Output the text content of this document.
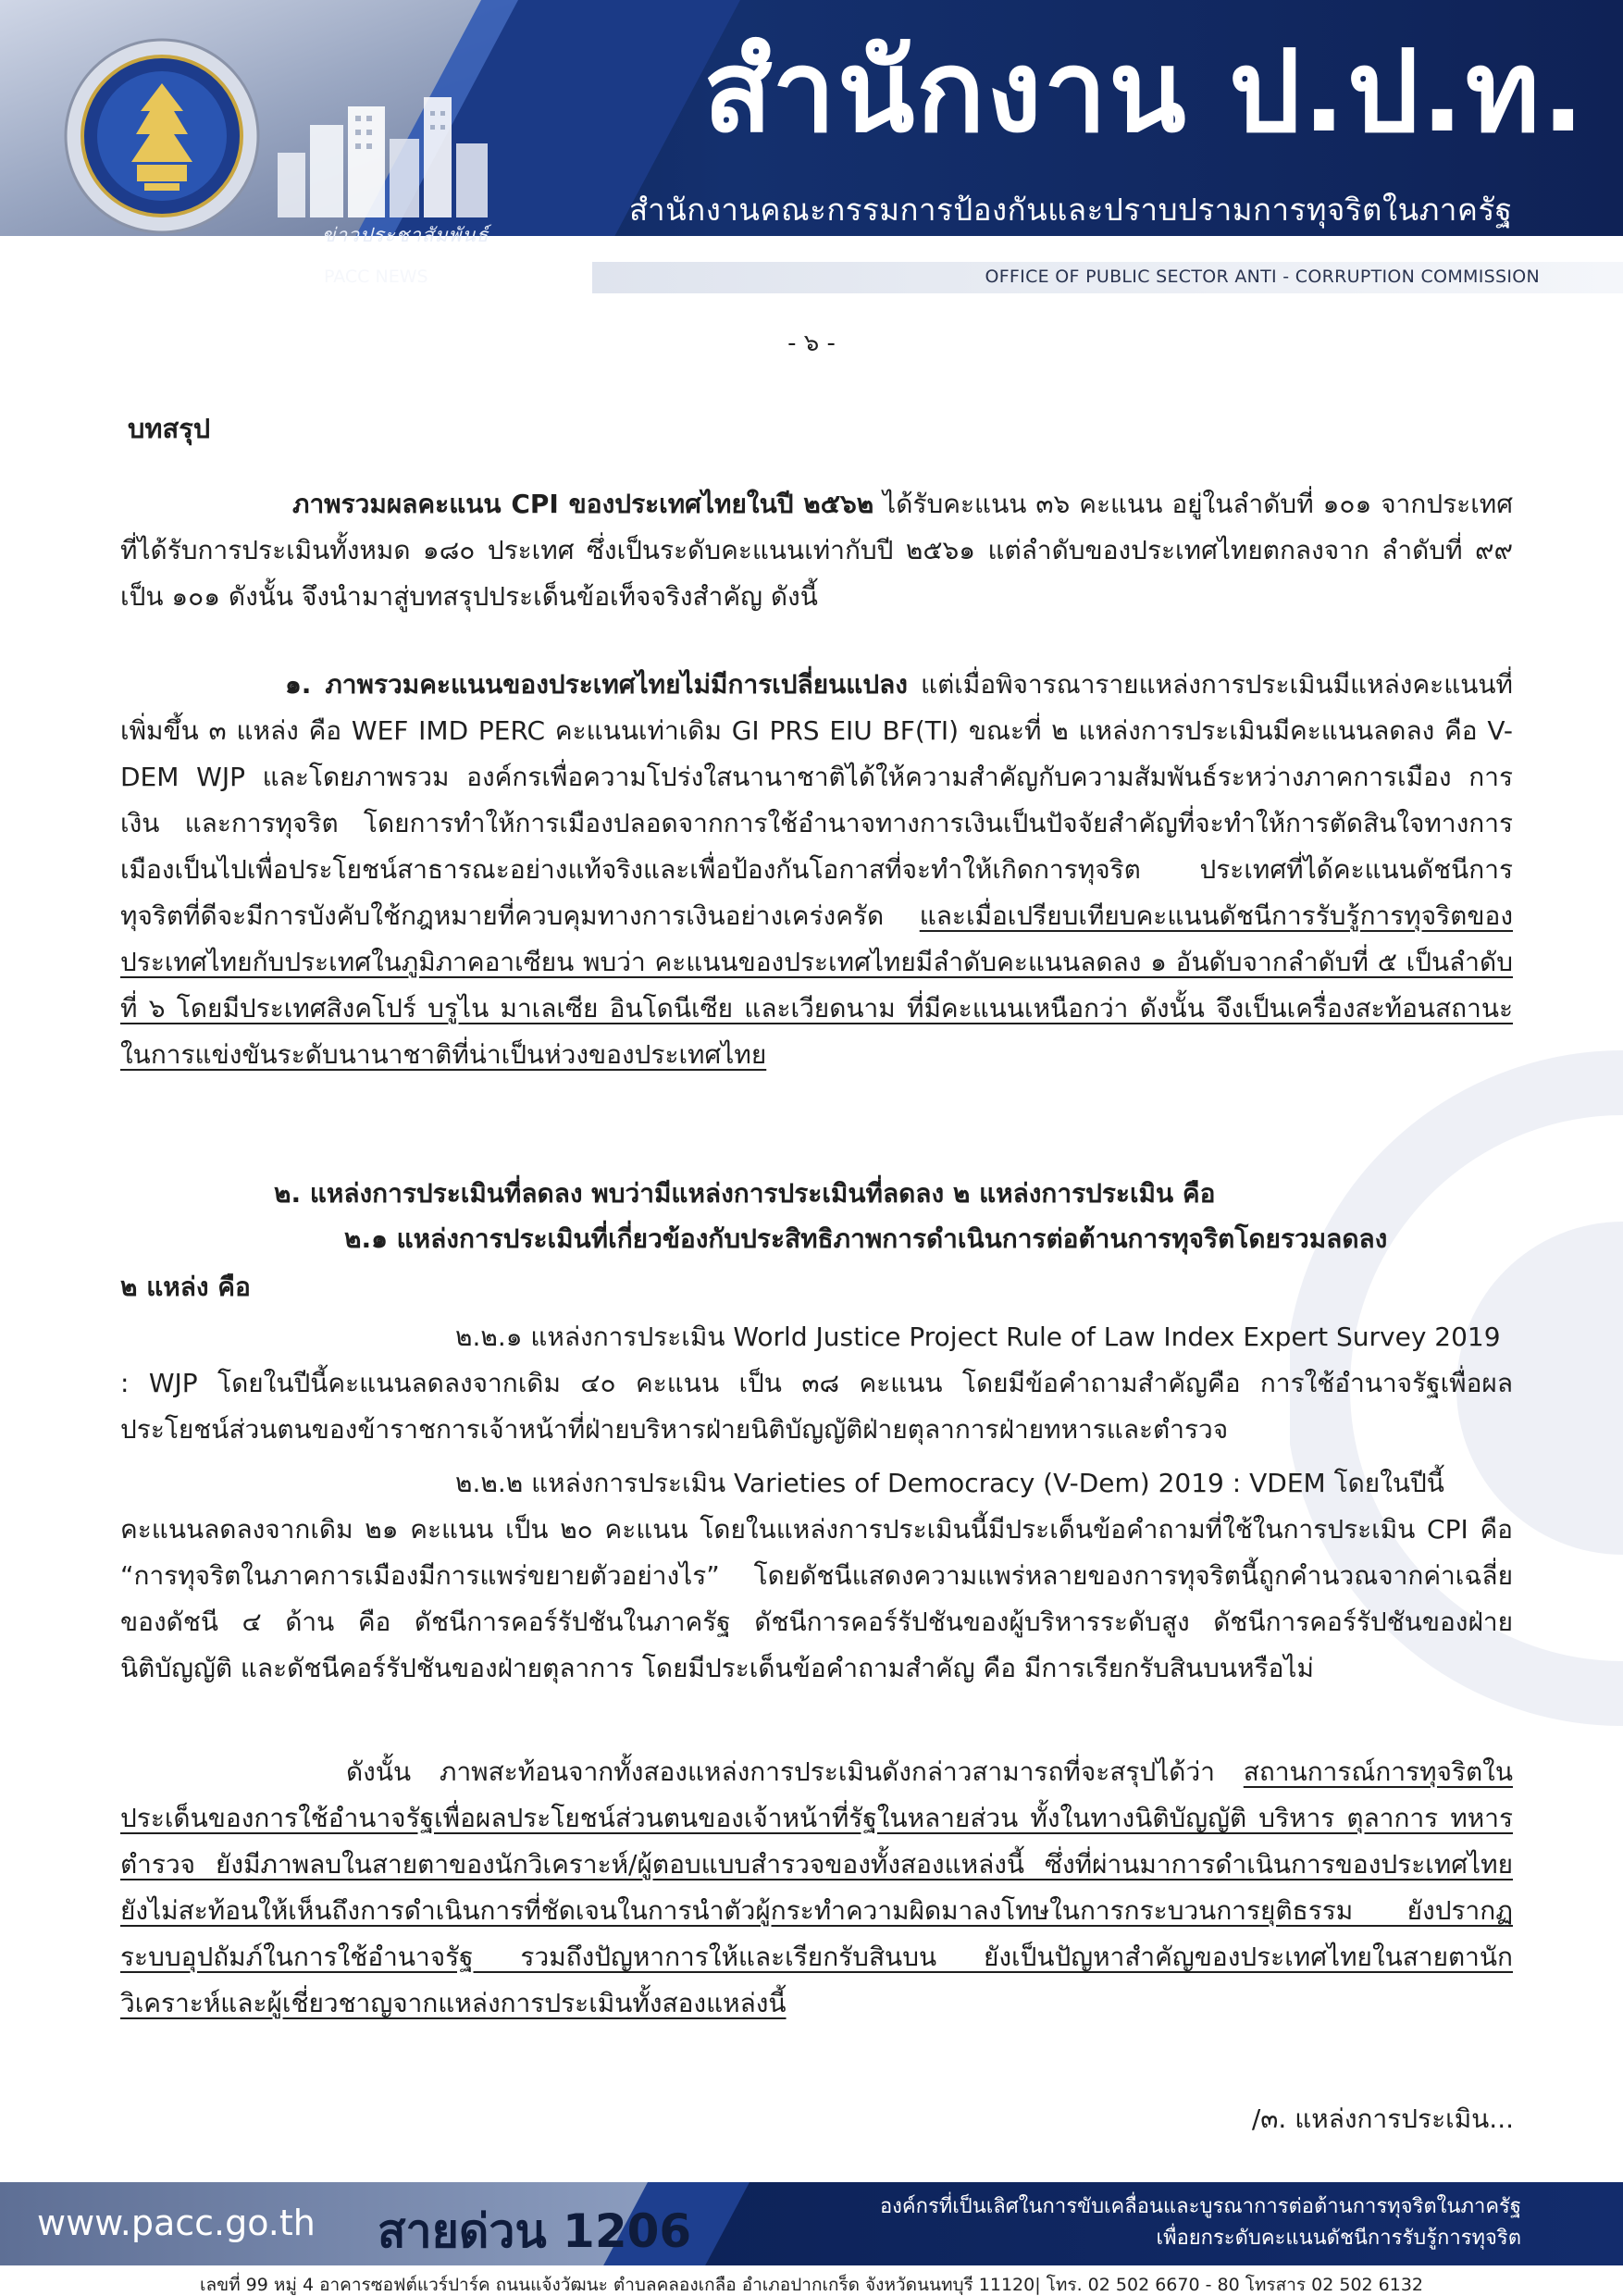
ข่าวประชาสัมพันธ์
PACC NEWS
สำนักงาน ป.ป.ท.
สำนักงานคณะกรรมการป้องกันและปราบปรามการทุจริตในภาครัฐ
OFFICE OF PUBLIC SECTOR ANTI - CORRUPTION COMMISSION
- ๖ -
บทสรุป
ภาพรวมผลคะแนน CPI ของประเทศไทยในปี ๒๕๖๒ ได้รับคะแนน ๓๖ คะแนน อยู่ในลำดับที่ ๑๐๑ จากประเทศที่ได้รับการประเมินทั้งหมด ๑๘๐ ประเทศ ซึ่งเป็นระดับคะแนนเท่ากับปี ๒๕๖๑ แต่ลำดับของประเทศไทยตกลงจาก ลำดับที่ ๙๙ เป็น ๑๐๑ ดังนั้น จึงนำมาสู่บทสรุปประเด็นข้อเท็จจริงสำคัญ ดังนี้
๑. ภาพรวมคะแนนของประเทศไทยไม่มีการเปลี่ยนแปลง แต่เมื่อพิจารณารายแหล่งการประเมินมีแหล่งคะแนนที่เพิ่มขึ้น ๓ แหล่ง คือ WEF IMD PERC คะแนนเท่าเดิม GI PRS EIU BF(TI) ขณะที่ ๒ แหล่งการประเมินมีคะแนนลดลง คือ V-DEM WJP และโดยภาพรวม องค์กรเพื่อความโปร่งใสนานาชาติได้ให้ความสำคัญกับความสัมพันธ์ระหว่างภาคการเมือง การเงิน และการทุจริต โดยการทำให้การเมืองปลอดจากการใช้อำนาจทางการเงินเป็นปัจจัยสำคัญที่จะทำให้การตัดสินใจทางการเมืองเป็นไปเพื่อประโยชน์สาธารณะอย่างแท้จริงและเพื่อป้องกันโอกาสที่จะทำให้เกิดการทุจริต ประเทศที่ได้คะแนนดัชนีการทุจริตที่ดีจะมีการบังคับใช้กฎหมายที่ควบคุมทางการเงินอย่างเคร่งครัด และเมื่อเปรียบเทียบคะแนนดัชนีการรับรู้การทุจริตของประเทศไทยกับประเทศในภูมิภาคอาเซียน พบว่า คะแนนของประเทศไทยมีลำดับคะแนนลดลง ๑ อันดับจากลำดับที่ ๕ เป็นลำดับที่ ๖ โดยมีประเทศสิงคโปร์ บรูไน มาเลเซีย อินโดนีเซีย และเวียดนาม ที่มีคะแนนเหนือกว่า ดังนั้น จึงเป็นเครื่องสะท้อนสถานะในการแข่งขันระดับนานาชาติที่น่าเป็นห่วงของประเทศไทย
๒. แหล่งการประเมินที่ลดลง พบว่ามีแหล่งการประเมินที่ลดลง ๒ แหล่งการประเมิน คือ
๒.๑ แหล่งการประเมินที่เกี่ยวข้องกับประสิทธิภาพการดำเนินการต่อต้านการทุจริตโดยรวมลดลง
๒ แหล่ง คือ
๒.๒.๑ แหล่งการประเมิน World Justice Project Rule of Law Index Expert Survey 2019
: WJP โดยในปีนี้คะแนนลดลงจากเดิม ๔๐ คะแนน เป็น ๓๘ คะแนน โดยมีข้อคำถามสำคัญคือ การใช้อำนาจรัฐเพื่อผลประโยชน์ส่วนตนของข้าราชการเจ้าหน้าที่ฝ่ายบริหารฝ่ายนิติบัญญัติฝ่ายตุลาการฝ่ายทหารและตำรวจ
๒.๒.๒ แหล่งการประเมิน Varieties of Democracy (V-Dem) 2019 : VDEM โดยในปีนี้
คะแนนลดลงจากเดิม ๒๑ คะแนน เป็น ๒๐ คะแนน โดยในแหล่งการประเมินนี้มีประเด็นข้อคำถามที่ใช้ในการประเมิน CPI คือ “การทุจริตในภาคการเมืองมีการแพร่ขยายตัวอย่างไร” โดยดัชนีแสดงความแพร่หลายของการทุจริตนี้ถูกคำนวณจากค่าเฉลี่ยของดัชนี ๔ ด้าน คือ ดัชนีการคอร์รัปชันในภาครัฐ ดัชนีการคอร์รัปชันของผู้บริหารระดับสูง ดัชนีการคอร์รัปชันของฝ่ายนิติบัญญัติ และดัชนีคอร์รัปชันของฝ่ายตุลาการ โดยมีประเด็นข้อคำถามสำคัญ คือ มีการเรียกรับสินบนหรือไม่
ดังนั้น ภาพสะท้อนจากทั้งสองแหล่งการประเมินดังกล่าวสามารถที่จะสรุปได้ว่า สถานการณ์การทุจริตในประเด็นของการใช้อำนาจรัฐเพื่อผลประโยชน์ส่วนตนของเจ้าหน้าที่รัฐในหลายส่วน ทั้งในทางนิติบัญญัติ บริหาร ตุลาการ ทหาร ตำรวจ ยังมีภาพลบในสายตาของนักวิเคราะห์/ผู้ตอบแบบสำรวจของทั้งสองแหล่งนี้ ซึ่งที่ผ่านมาการดำเนินการของประเทศไทยยังไม่สะท้อนให้เห็นถึงการดำเนินการที่ชัดเจนในการนำตัวผู้กระทำความผิดมาลงโทษในการกระบวนการยุติธรรม ยังปรากฏระบบอุปถัมภ์ในการใช้อำนาจรัฐ รวมถึงปัญหาการให้และเรียกรับสินบน ยังเป็นปัญหาสำคัญของประเทศไทยในสายตานักวิเคราะห์และผู้เชี่ยวชาญจากแหล่งการประเมินทั้งสองแหล่งนี้
/๓. แหล่งการประเมิน...
www.pacc.go.th สายด่วน 1206	องค์กรที่เป็นเลิศในการขับเคลื่อนและบูรณาการต่อต้านการทุจริตในภาครัฐ
เพื่อยกระดับคะแนนดัชนีการรับรู้การทุจริต
เลขที่ 99 หมู่ 4 อาคารซอฟต์แวร์ปาร์ค ถนนแจ้งวัฒนะ ตำบลคลองเกลือ อำเภอปากเกร็ด จังหวัดนนทบุรี 11120| โทร. 02 502 6670 - 80 โทรสาร 02 502 6132
